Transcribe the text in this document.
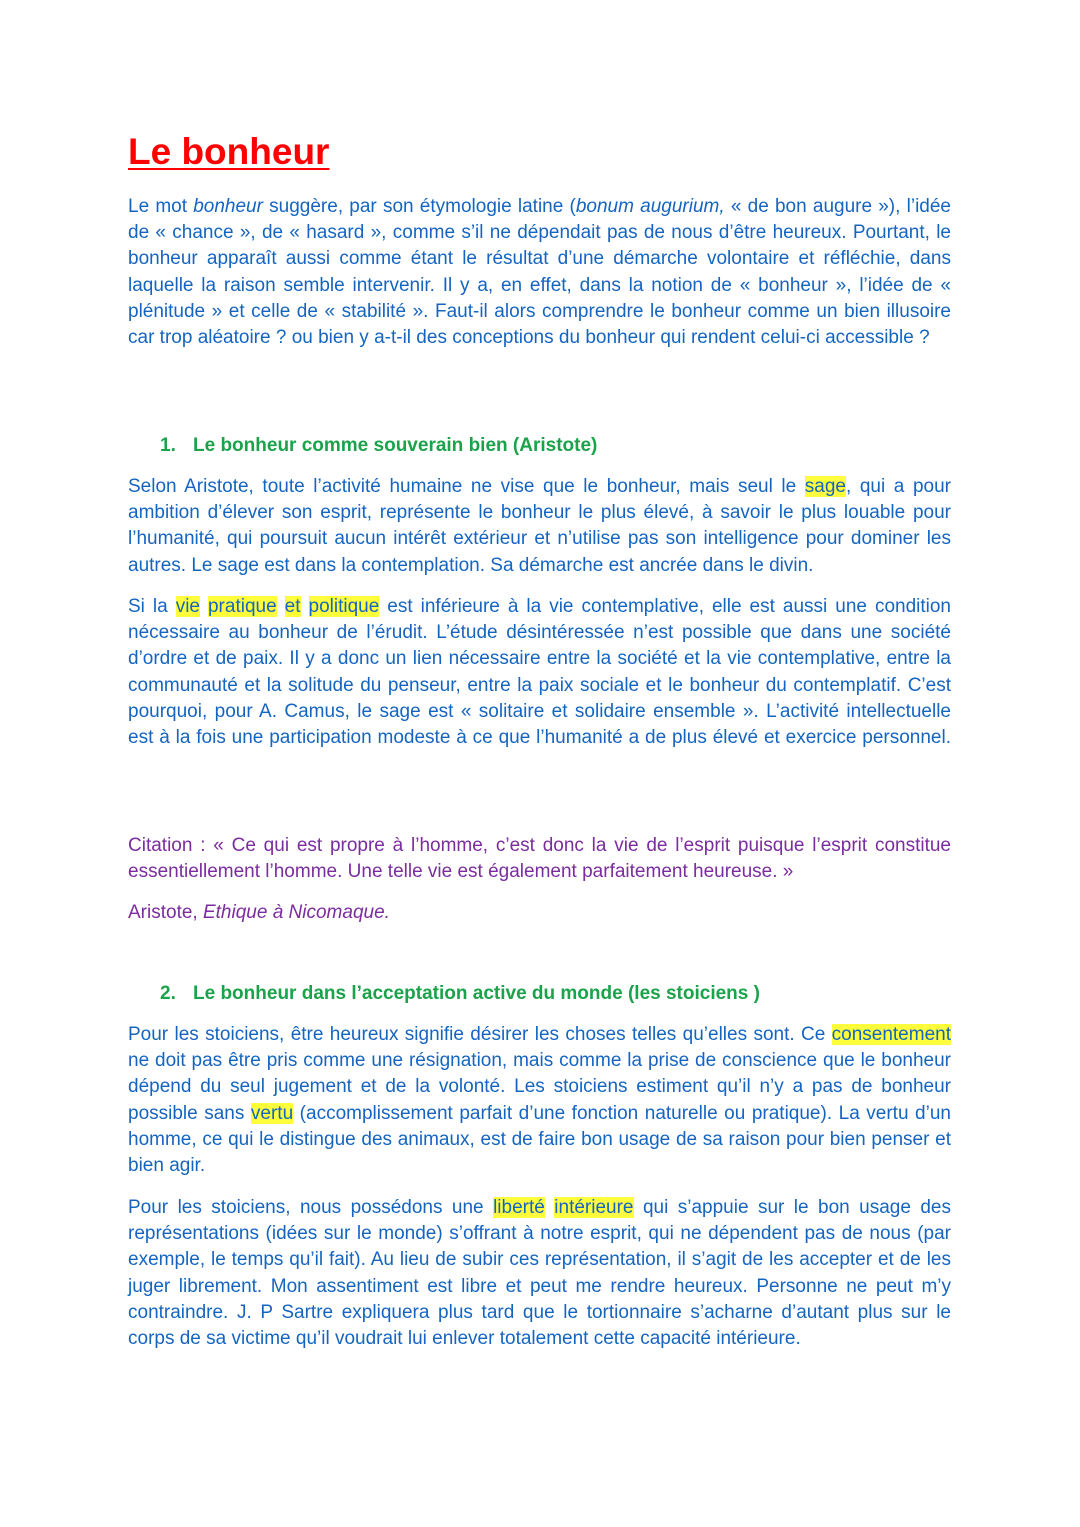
Le bonheur

Le mot bonheur suggère, par son étymologie latine (bonum augurium, « de bon augure »), l’idée de « chance », de « hasard », comme s’il ne dépendait pas de nous d’être heureux. Pourtant, le bonheur apparaît aussi comme étant le résultat d’une démarche volontaire et réfléchie, dans laquelle la raison semble intervenir. Il y a, en effet, dans la notion de « bonheur », l’idée de « plénitude » et celle de « stabilité ». Faut-il alors comprendre le bonheur comme un bien illusoire car trop aléatoire ? ou bien y a-t-il des conceptions du bonheur qui rendent celui-ci accessible ?

1. Le bonheur comme souverain bien (Aristote)

Selon Aristote, toute l’activité humaine ne vise que le bonheur, mais seul le sage, qui a pour ambition d’élever son esprit, représente le bonheur le plus élevé, à savoir le plus louable pour l’humanité, qui poursuit aucun intérêt extérieur et n’utilise pas son intelligence pour dominer les autres. Le sage est dans la contemplation. Sa démarche est ancrée dans le divin.

Si la vie pratique et politique est inférieure à la vie contemplative, elle est aussi une condition nécessaire au bonheur de l’érudit. L’étude désintéressée n’est possible que dans une société d’ordre et de paix. Il y a donc un lien nécessaire entre la société et la vie contemplative, entre la communauté et la solitude du penseur, entre la paix sociale et le bonheur du contemplatif. C’est pourquoi, pour A. Camus, le sage est « solitaire et solidaire ensemble ». L’activité intellectuelle est à la fois une participation modeste à ce que l’humanité a de plus élevé et exercice personnel.

Citation : « Ce qui est propre à l’homme, c’est donc la vie de l’esprit puisque l’esprit constitue essentiellement l’homme. Une telle vie est également parfaitement heureuse. »

Aristote, Ethique à Nicomaque.

2. Le bonheur dans l’acceptation active du monde (les stoiciens )

Pour les stoiciens, être heureux signifie désirer les choses telles qu’elles sont. Ce consentement ne doit pas être pris comme une résignation, mais comme la prise de conscience que le bonheur dépend du seul jugement et de la volonté. Les stoiciens estiment qu’il n’y a pas de bonheur possible sans vertu (accomplissement parfait d’une fonction naturelle ou pratique). La vertu d’un homme, ce qui le distingue des animaux, est de faire bon usage de sa raison pour bien penser et bien agir.

Pour les stoiciens, nous possédons une liberté intérieure qui s’appuie sur le bon usage des représentations (idées sur le monde) s’offrant à notre esprit, qui ne dépendent pas de nous (par exemple, le temps qu’il fait). Au lieu de subir ces représentation, il s’agit de les accepter et de les juger librement. Mon assentiment est libre et peut me rendre heureux. Personne ne peut m’y contraindre. J. P Sartre expliquera plus tard que le tortionnaire s’acharne d’autant plus sur le corps de sa victime qu’il voudrait lui enlever totalement cette capacité intérieure.
